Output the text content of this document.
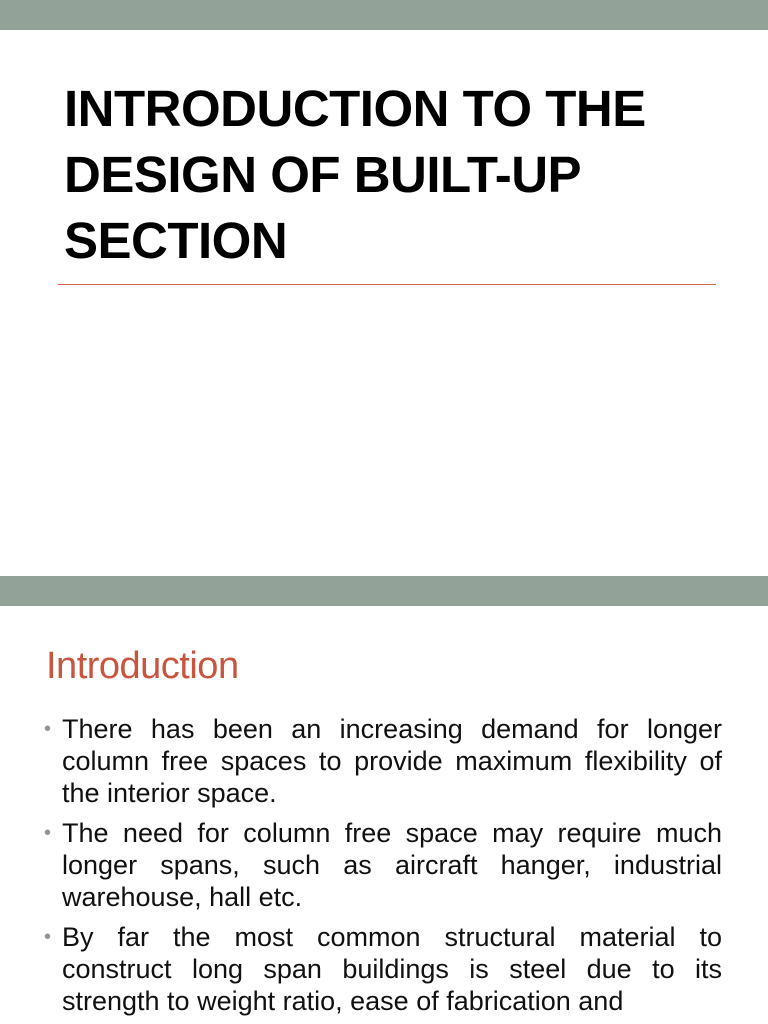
INTRODUCTION TO THE DESIGN OF BUILT-UP SECTION
Introduction
• There has been an increasing demand for longer column free spaces to provide maximum flexibility of the interior space.
• The need for column free space may require much longer spans, such as aircraft hanger, industrial warehouse, hall etc.
• By far the most common structural material to construct long span buildings is steel due to its strength to weight ratio, ease of fabrication and
